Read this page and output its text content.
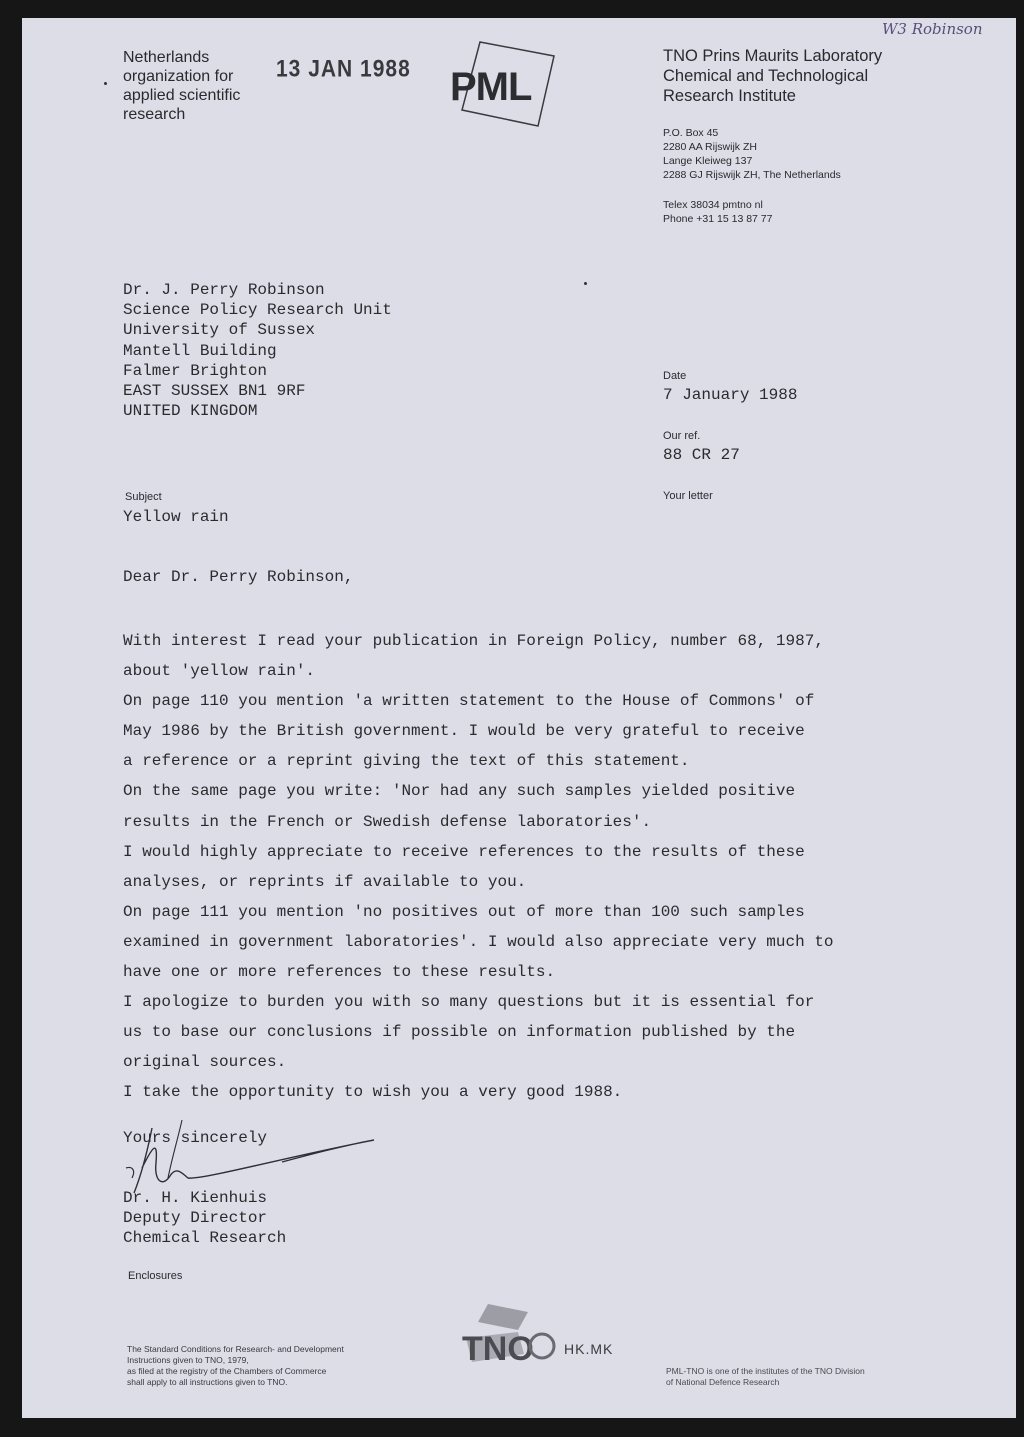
Netherlands
organization for
applied scientific
research
13 JAN 1988 PML
TNO Prins Maurits Laboratory
Chemical and Technological
Research Institute
W3 Robinson
P.O. Box 45
2280 AA Rijswijk ZH
Lange Kleiweg 137
2288 GJ Rijswijk ZH, The Netherlands
Telex 38034 pmtno nl
Phone +31 15 13 87 77
Dr. J. Perry Robinson
Science Policy Research Unit
University of Sussex
Mantell Building
Falmer Brighton
EAST SUSSEX BN1 9RF
UNITED KINGDOM
Date
7 January 1988
Our ref.
88 CR 27
Your letter
Subject
Yellow rain
Dear Dr. Perry Robinson,
With interest I read your publication in Foreign Policy, number 68, 1987,
about 'yellow rain'.
On page 110 you mention 'a written statement to the House of Commons' of
May 1986 by the British government. I would be very grateful to receive
a reference or a reprint giving the text of this statement.
On the same page you write: 'Nor had any such samples yielded positive
results in the French or Swedish defense laboratories'.
I would highly appreciate to receive references to the results of these
analyses, or reprints if available to you.
On page 111 you mention 'no positives out of more than 100 such samples
examined in government laboratories'. I would also appreciate very much to
have one or more references to these results.
I apologize to burden you with so many questions but it is essential for
us to base our conclusions if possible on information published by the
original sources.
I take the opportunity to wish you a very good 1988.
Yours sincerely
Dr. H. Kienhuis
Deputy Director
Chemical Research
Enclosures
The Standard Conditions for Research- and Development
Instructions given to TNO, 1979,
as filed at the registry of the Chambers of Commerce
shall apply to all instructions given to TNO.
TNO HK.MK
PML-TNO is one of the institutes of the TNO Division
of National Defence Research
